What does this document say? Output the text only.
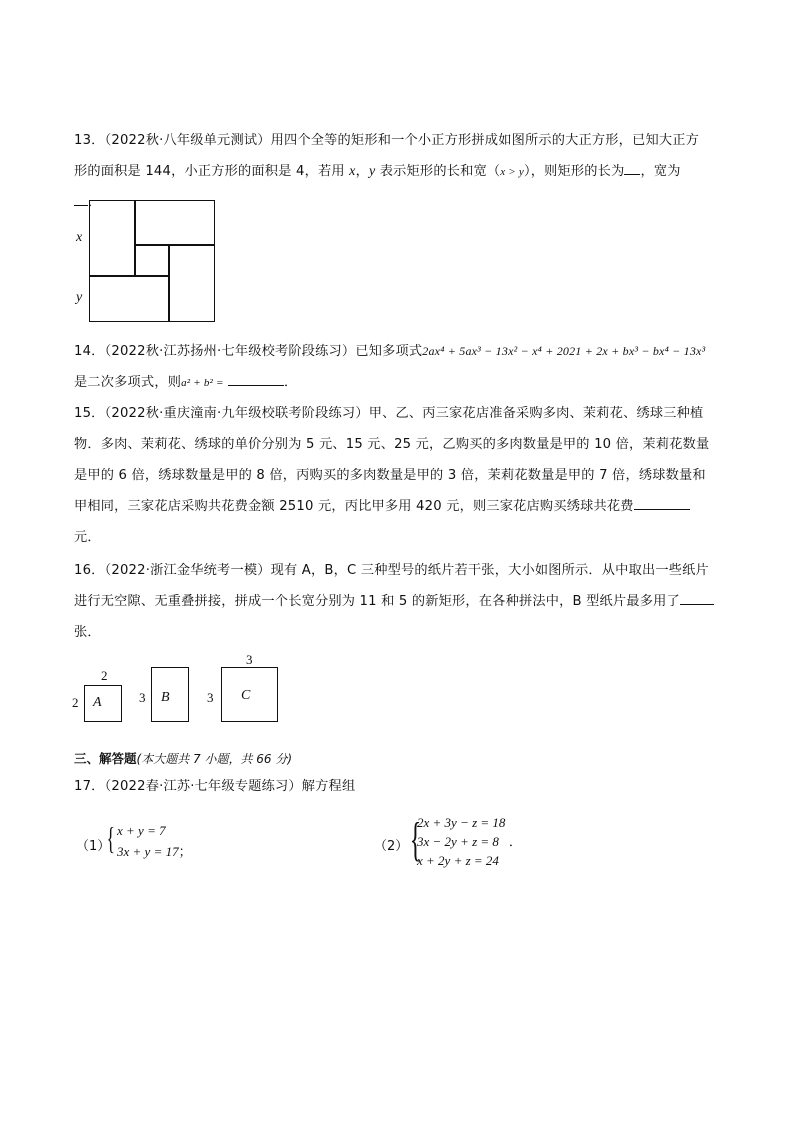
13．（2022秋·八年级单元测试）用四个全等的矩形和一个小正方形拼成如图所示的大正方形，已知大正方
形的面积是 144，小正方形的面积是 4，若用 x，y 表示矩形的长和宽（x > y），则矩形的长为 ，宽为
．
x
y
14．（2022秋·江苏扬州·七年级校考阶段练习）已知多项式2ax⁴ + 5ax³ − 13x² − x⁴ + 2021 + 2x + bx³ − bx⁴ − 13x³
是二次多项式，则a² + b² =	．
15．（2022秋·重庆潼南·九年级校联考阶段练习）甲、乙、丙三家花店准备采购多肉、茉莉花、绣球三种植
物．多肉、茉莉花、绣球的单价分别为 5 元、15 元、25 元，乙购买的多肉数量是甲的 10 倍，茉莉花数量
是甲的 6 倍，绣球数量是甲的 8 倍，丙购买的多肉数量是甲的 3 倍，茉莉花数量是甲的 7 倍，绣球数量和
甲相同，三家花店采购共花费金额 2510 元，丙比甲多用 420 元，则三家花店购买绣球共花费
元．
16．（2022·浙江金华统考一模）现有 A，B，C 三种型号的纸片若干张，大小如图所示．从中取出一些纸片
进行无空隙、无重叠拼接，拼成一个长宽分别为 11 和 5 的新矩形，在各种拼法中，B 型纸片最多用了
张．
2
2 A	3 B
3
3 C
三、解答题(本大题共 7 小题，共 66 分)
17．（2022春·江苏·七年级专题练习）解方程组
（1）
{ x + y = 7
3x + y = 17；	（2） {
2x + 3y − z = 18
3x − 2y + z = 8 ．
x + 2y + z = 24
